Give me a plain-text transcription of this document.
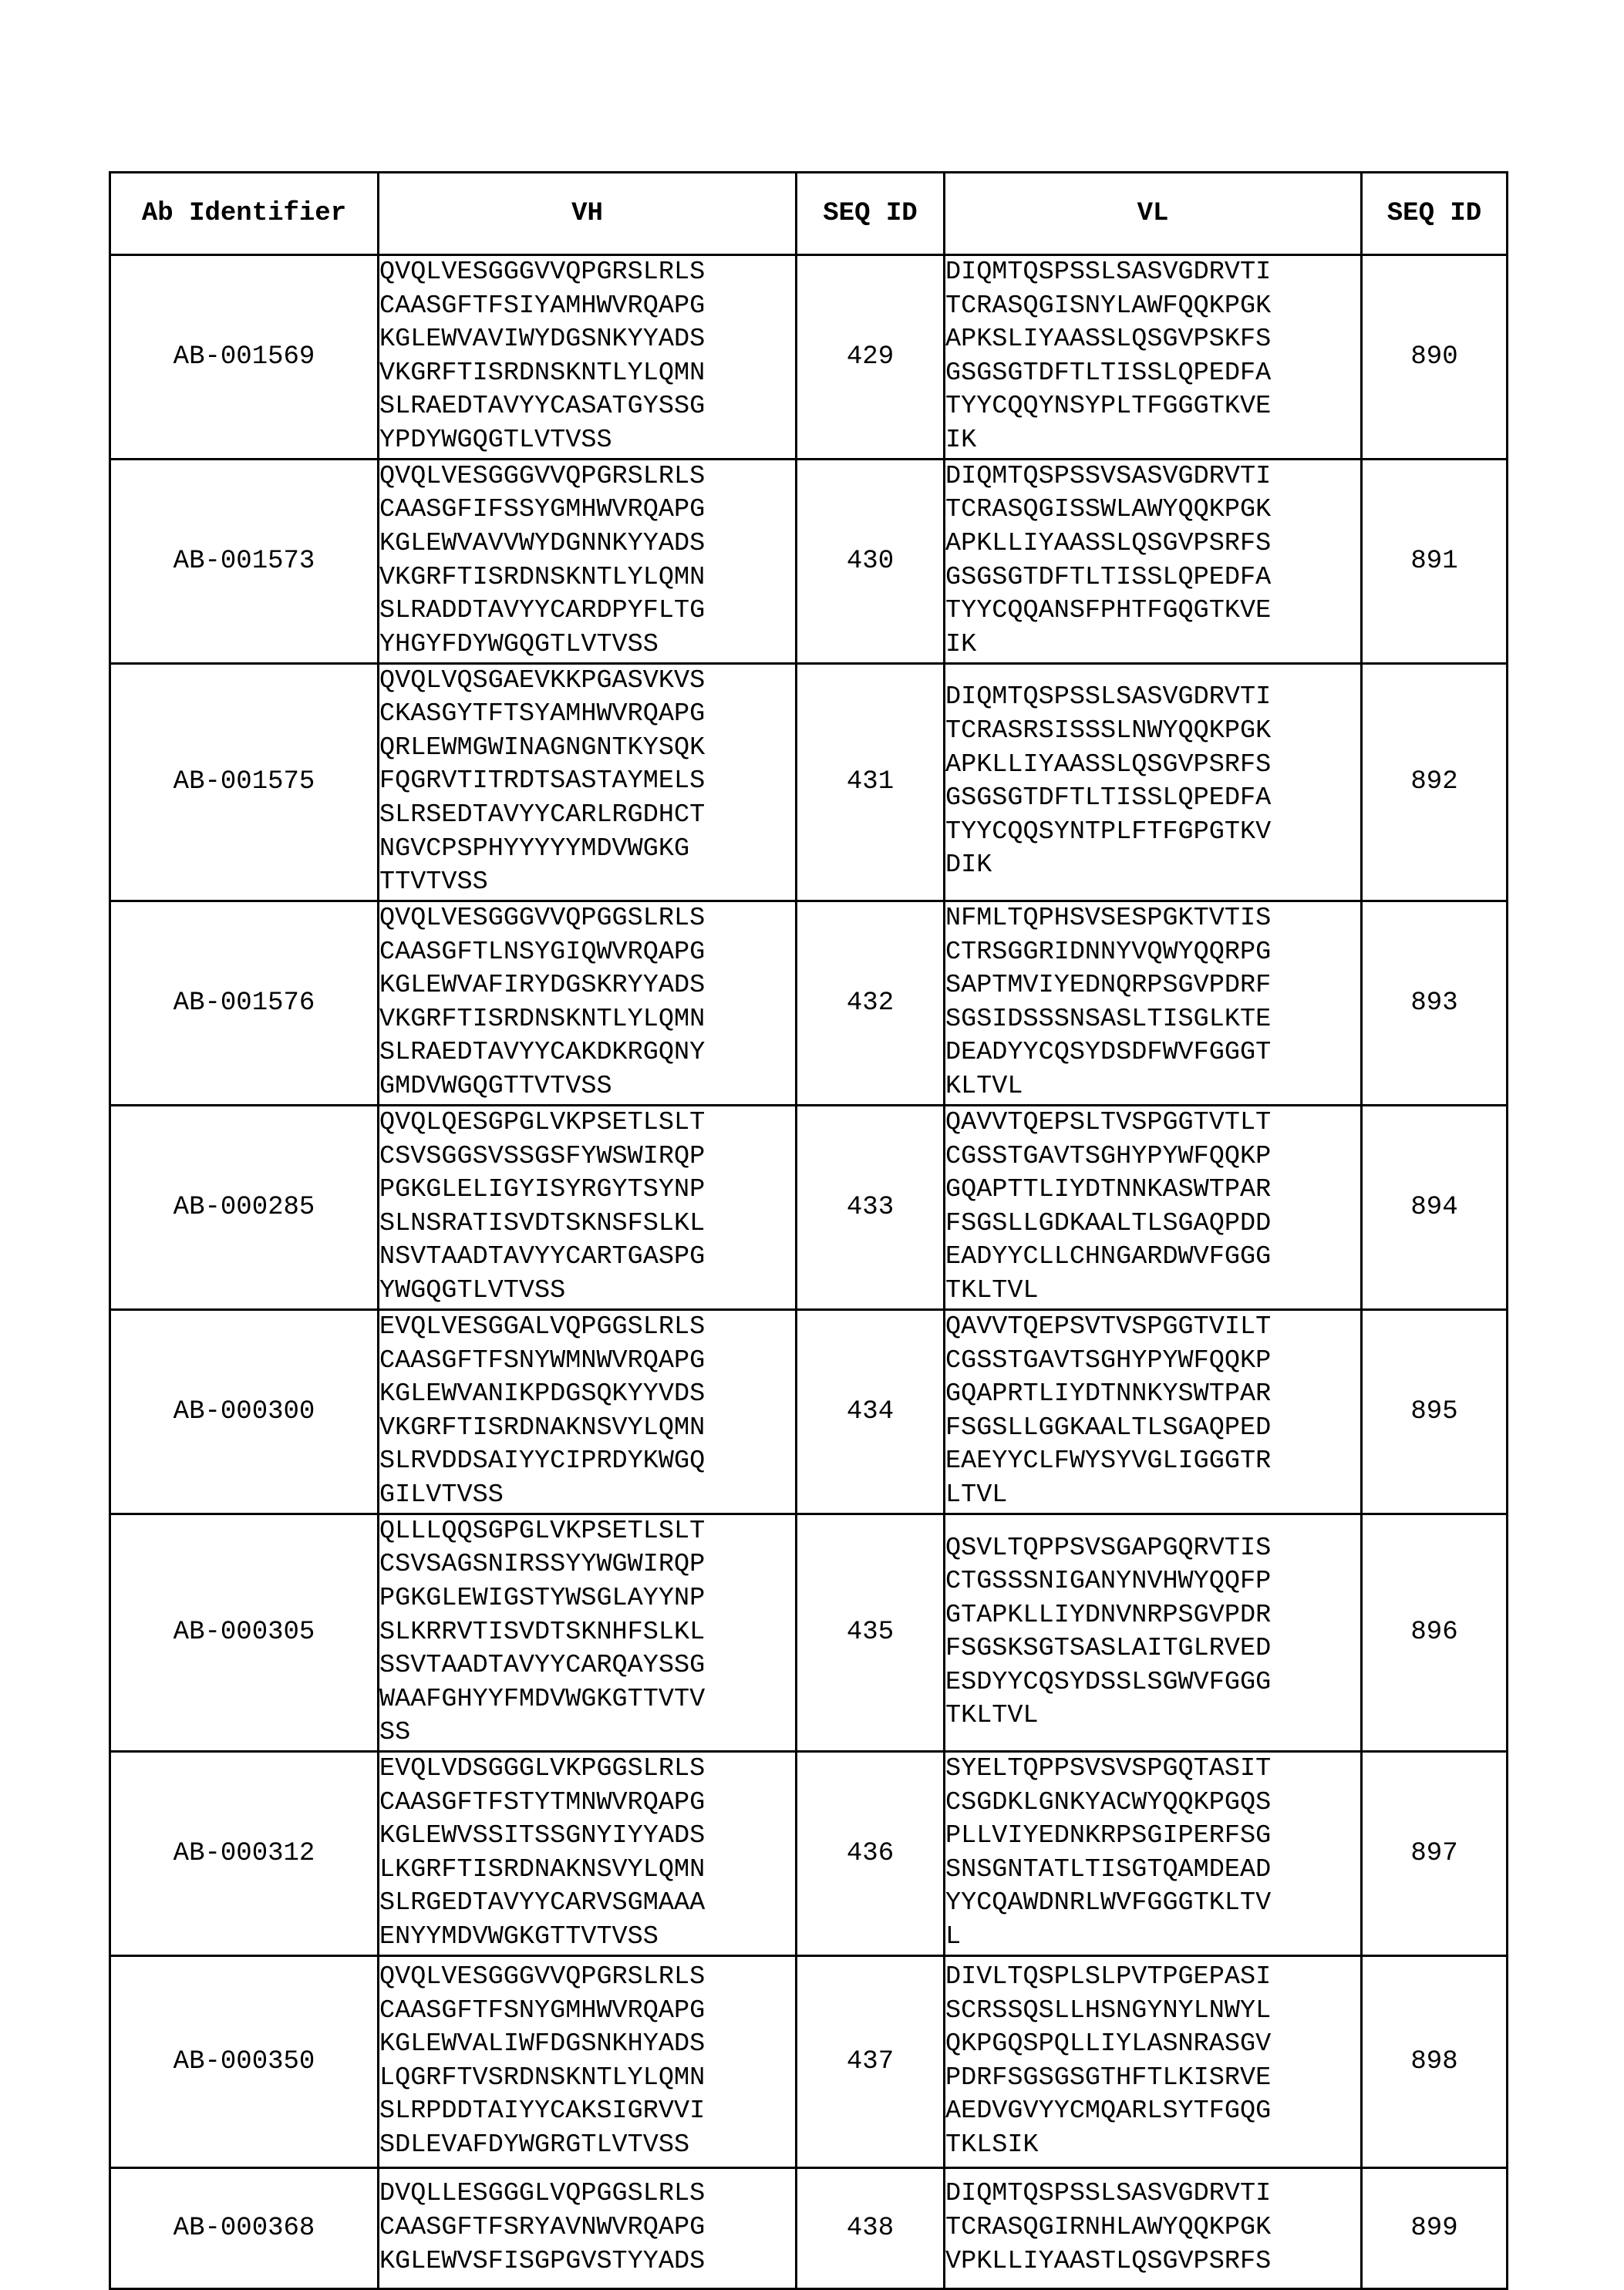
Ab Identifier	VH	SEQ ID	VL	SEQ ID
AB-001569	
QVQLVESGGGVVQPGRSLRLS
CAASGFTFSIYAMHWVRQAPG
KGLEWVAVIWYDGSNKYYADS
VKGRFTISRDNSKNTLYLQMN
SLRAEDTAVYYCASATGYSSG
YPDYWGQGTLVTVSS
	429	
DIQMTQSPSSLSASVGDRVTI
TCRASQGISNYLAWFQQKPGK
APKSLIYAASSLQSGVPSKFS
GSGSGTDFTLTISSLQPEDFA
TYYCQQYNSYPLTFGGGTKVE
IK
	890
AB-001573	
QVQLVESGGGVVQPGRSLRLS
CAASGFIFSSYGMHWVRQAPG
KGLEWVAVVWYDGNNKYYADS
VKGRFTISRDNSKNTLYLQMN
SLRADDTAVYYCARDPYFLTG
YHGYFDYWGQGTLVTVSS
	430	
DIQMTQSPSSVSASVGDRVTI
TCRASQGISSWLAWYQQKPGK
APKLLIYAASSLQSGVPSRFS
GSGSGTDFTLTISSLQPEDFA
TYYCQQANSFPHTFGQGTKVE
IK
	891
AB-001575	
QVQLVQSGAEVKKPGASVKVS
CKASGYTFTSYAMHWVRQAPG
QRLEWMGWINAGNGNTKYSQK
FQGRVTITRDTSASTAYMELS
SLRSEDTAVYYCARLRGDHCT
NGVCPSPHYYYYYMDVWGKG
TTVTVSS
	431	
DIQMTQSPSSLSASVGDRVTI
TCRASRSISSSLNWYQQKPGK
APKLLIYAASSLQSGVPSRFS
GSGSGTDFTLTISSLQPEDFA
TYYCQQSYNTPLFTFGPGTKV
DIK
	892
AB-001576	
QVQLVESGGGVVQPGGSLRLS
CAASGFTLNSYGIQWVRQAPG
KGLEWVAFIRYDGSKRYYADS
VKGRFTISRDNSKNTLYLQMN
SLRAEDTAVYYCAKDKRGQNY
GMDVWGQGTTVTVSS
	432	
NFMLTQPHSVSESPGKTVTIS
CTRSGGRIDNNYVQWYQQRPG
SAPTMVIYEDNQRPSGVPDRF
SGSIDSSSNSASLTISGLKTE
DEADYYCQSYDSDFWVFGGGT
KLTVL
	893
AB-000285	
QVQLQESGPGLVKPSETLSLT
CSVSGGSVSSGSFYWSWIRQP
PGKGLELIGYISYRGYTSYNP
SLNSRATISVDTSKNSFSLKL
NSVTAADTAVYYCARTGASPG
YWGQGTLVTVSS
	433	
QAVVTQEPSLTVSPGGTVTLT
CGSSTGAVTSGHYPYWFQQKP
GQAPTTLIYDTNNKASWTPAR
FSGSLLGDKAALTLSGAQPDD
EADYYCLLCHNGARDWVFGGG
TKLTVL
	894
AB-000300	
EVQLVESGGALVQPGGSLRLS
CAASGFTFSNYWMNWVRQAPG
KGLEWVANIKPDGSQKYYVDS
VKGRFTISRDNAKNSVYLQMN
SLRVDDSAIYYCIPRDYKWGQ
GILVTVSS
	434	
QAVVTQEPSVTVSPGGTVILT
CGSSTGAVTSGHYPYWFQQKP
GQAPRTLIYDTNNKYSWTPAR
FSGSLLGGKAALTLSGAQPED
EAEYYCLFWYSYVGLIGGGTR
LTVL
	895
AB-000305	
QLLLQQSGPGLVKPSETLSLT
CSVSAGSNIRSSYYWGWIRQP
PGKGLEWIGSTYWSGLAYYNP
SLKRRVTISVDTSKNHFSLKL
SSVTAADTAVYYCARQAYSSG
WAAFGHYYFMDVWGKGTTVTV
SS
	435	
QSVLTQPPSVSGAPGQRVTIS
CTGSSSNIGANYNVHWYQQFP
GTAPKLLIYDNVNRPSGVPDR
FSGSKSGTSASLAITGLRVED
ESDYYCQSYDSSLSGWVFGGG
TKLTVL
	896
AB-000312	
EVQLVDSGGGLVKPGGSLRLS
CAASGFTFSTYTMNWVRQAPG
KGLEWVSSITSSGNYIYYADS
LKGRFTISRDNAKNSVYLQMN
SLRGEDTAVYYCARVSGMAAA
ENYYMDVWGKGTTVTVSS
	436	
SYELTQPPSVSVSPGQTASIT
CSGDKLGNKYACWYQQKPGQS
PLLVIYEDNKRPSGIPERFSG
SNSGNTATLTISGTQAMDEAD
YYCQAWDNRLWVFGGGTKLTV
L
	897
AB-000350	
QVQLVESGGGVVQPGRSLRLS
CAASGFTFSNYGMHWVRQAPG
KGLEWVALIWFDGSNKHYADS
LQGRFTVSRDNSKNTLYLQMN
SLRPDDTAIYYCAKSIGRVVI
SDLEVAFDYWGRGTLVTVSS
	437	
DIVLTQSPLSLPVTPGEPASI
SCRSSQSLLHSNGYNYLNWYL
QKPGQSPQLLIYLASNRASGV
PDRFSGSGSGTHFTLKISRVE
AEDVGVYYCMQARLSYTFGQG
TKLSIK
	898
AB-000368	
DVQLLESGGGLVQPGGSLRLS
CAASGFTFSRYAVNWVRQAPG
KGLEWVSFISGPGVSTYYADS
	438	
DIQMTQSPSSLSASVGDRVTI
TCRASQGIRNHLAWYQQKPGK
VPKLLIYAASTLQSGVPSRFS
	899
